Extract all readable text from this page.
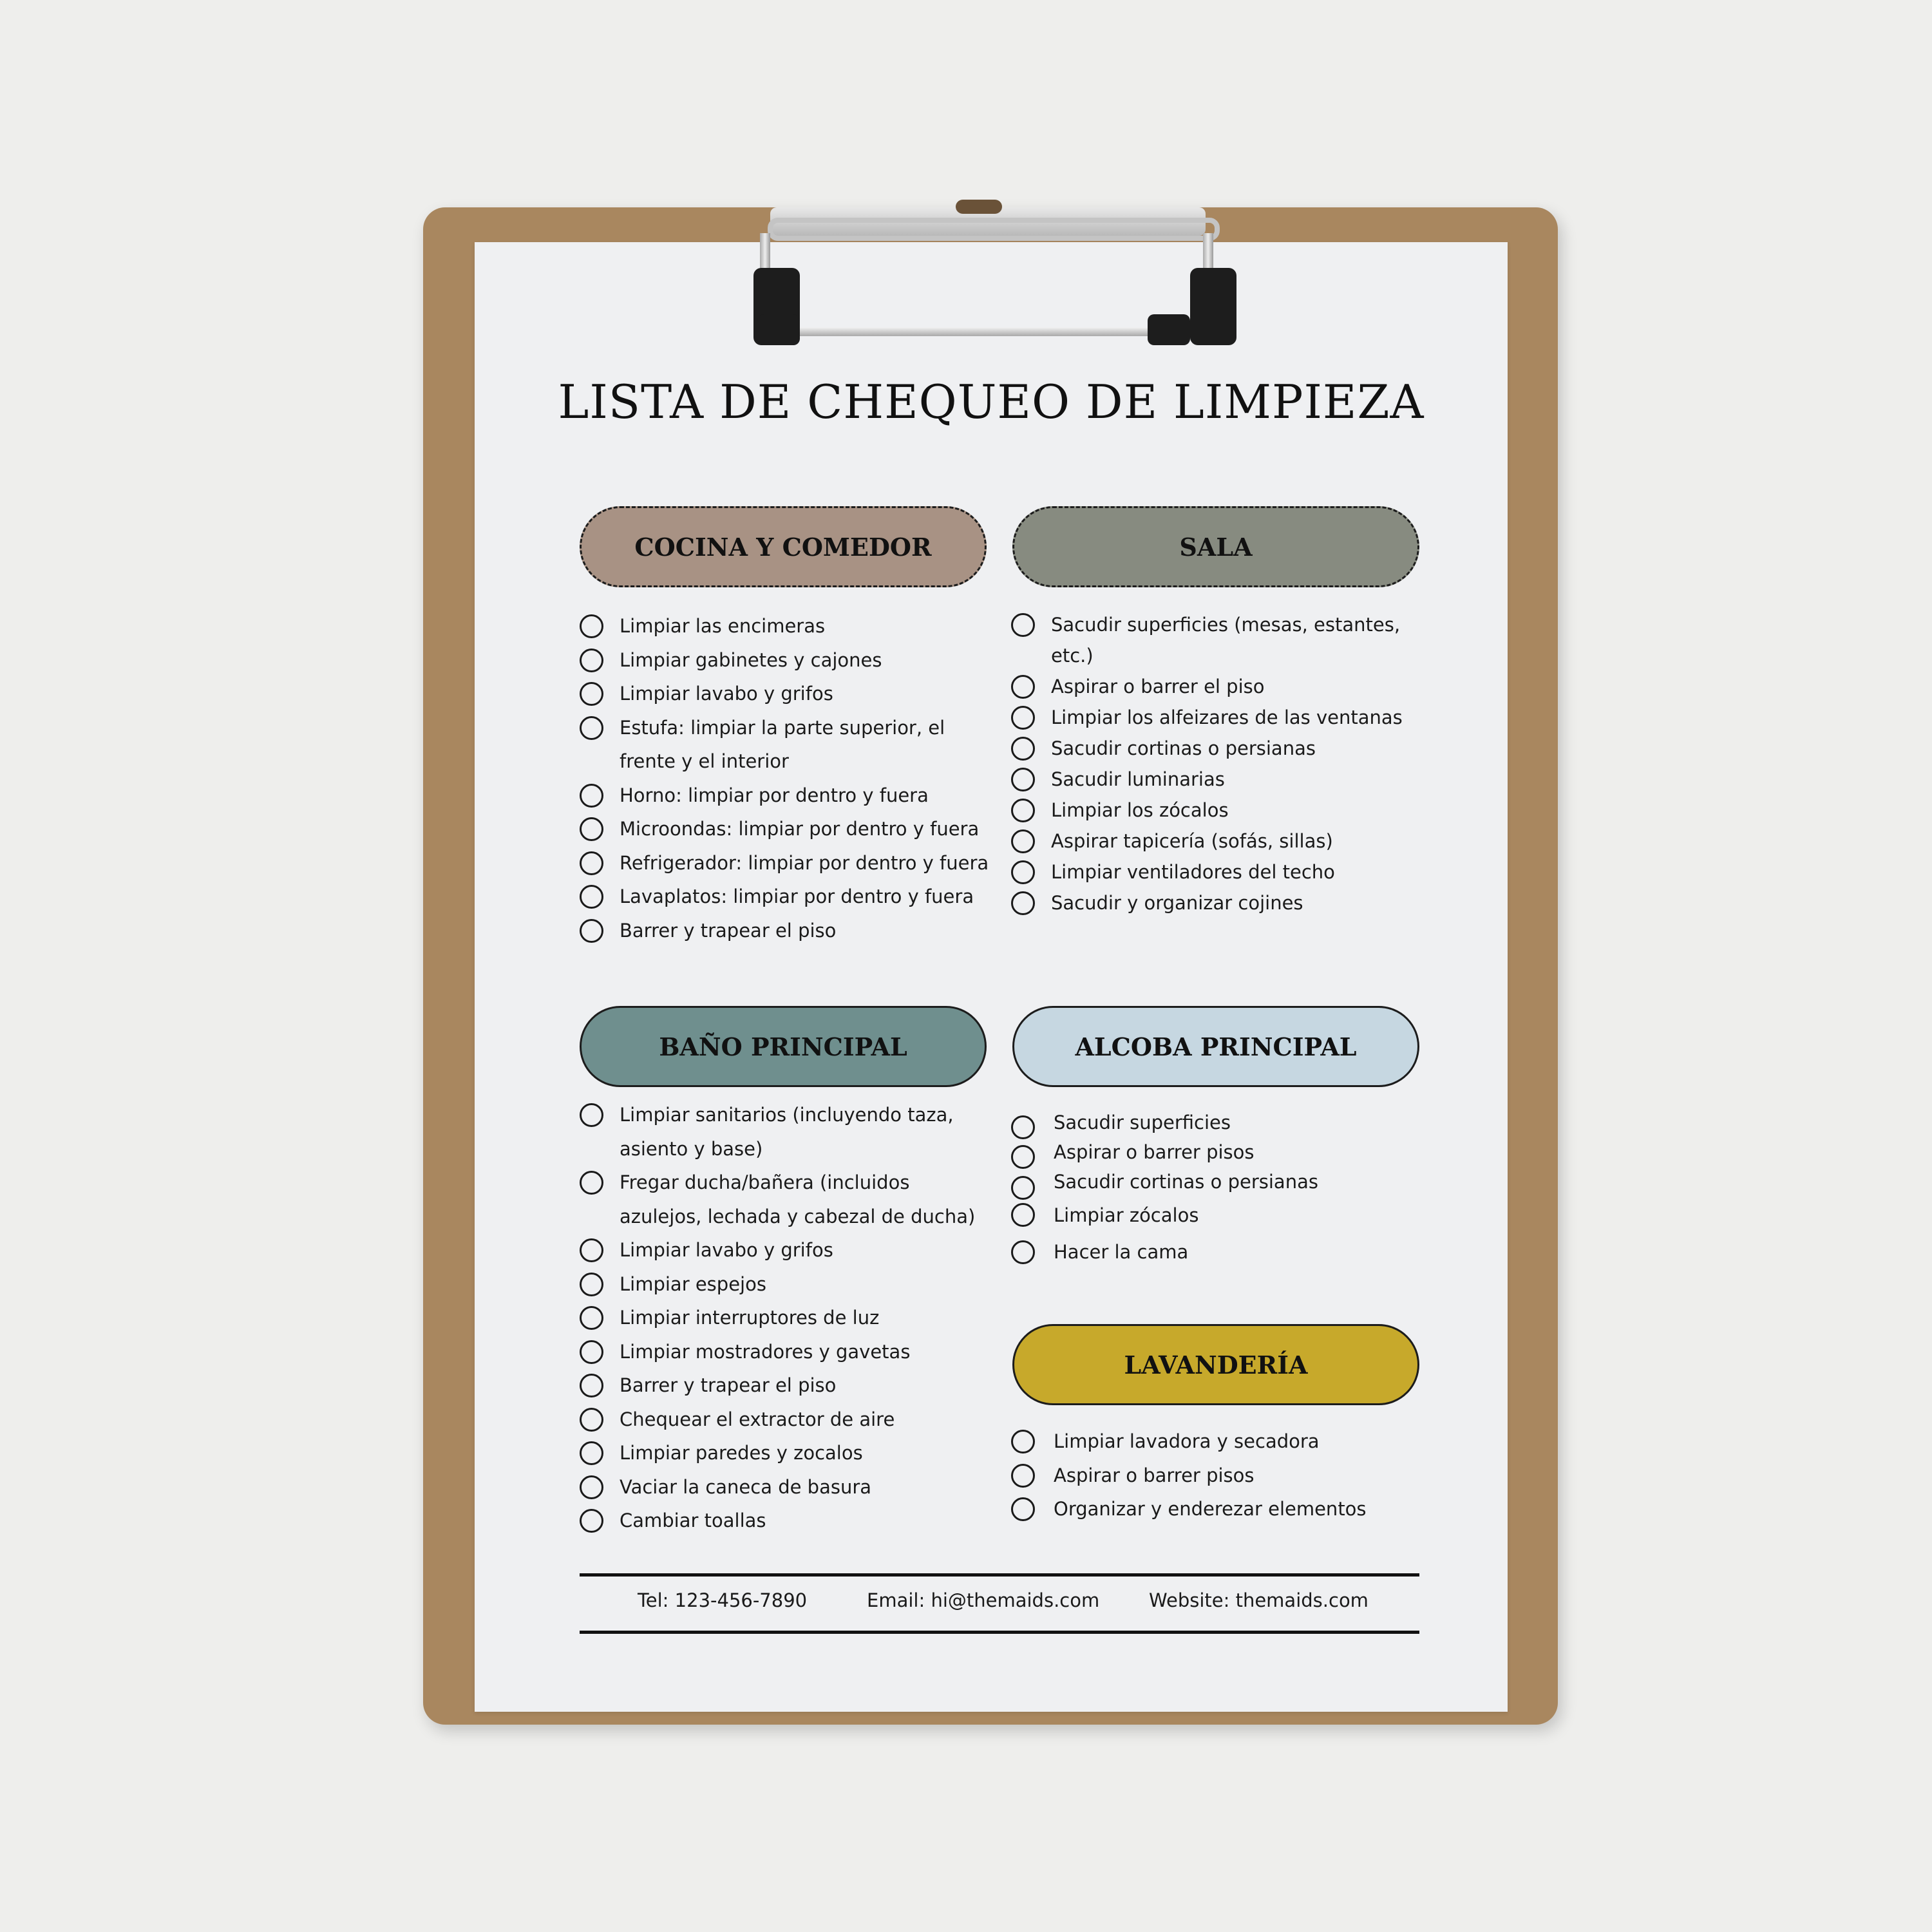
LISTA DE CHEQUEO DE LIMPIEZA
COCINA Y COMEDOR	SALA
BAÑO PRINCIPAL	ALCOBA PRINCIPAL
LAVANDERÍA
Limpiar las encimeras
Limpiar gabinetes y cajones
Limpiar lavabo y grifos
Estufa: limpiar la parte superior, el frente y el interior
Horno: limpiar por dentro y fuera
Microondas: limpiar por dentro y fuera
Refrigerador: limpiar por dentro y fuera
Lavaplatos: limpiar por dentro y fuera
Barrer y trapear el piso
Sacudir superficies (mesas, estantes, etc.)
Aspirar o barrer el piso
Limpiar los alfeizares de las ventanas
Sacudir cortinas o persianas
Sacudir luminarias
Limpiar los zócalos
Aspirar tapicería (sofás, sillas)
Limpiar ventiladores del techo
Sacudir y organizar cojines
Limpiar sanitarios (incluyendo taza, asiento y base)
Fregar ducha/bañera (incluidos azulejos, lechada y cabezal de ducha)
Limpiar lavabo y grifos
Limpiar espejos
Limpiar interruptores de luz
Limpiar mostradores y gavetas
Barrer y trapear el piso
Chequear el extractor de aire
Limpiar paredes y zocalos
Vaciar la caneca de basura
Cambiar toallas
Sacudir superficies
Aspirar o barrer pisos
Sacudir cortinas o persianas
Limpiar zócalos
Hacer la cama
Limpiar lavadora y secadora
Aspirar o barrer pisos
Organizar y enderezar elementos
Tel: 123-456-7890	Email: hi@themaids.com	Website: themaids.com
